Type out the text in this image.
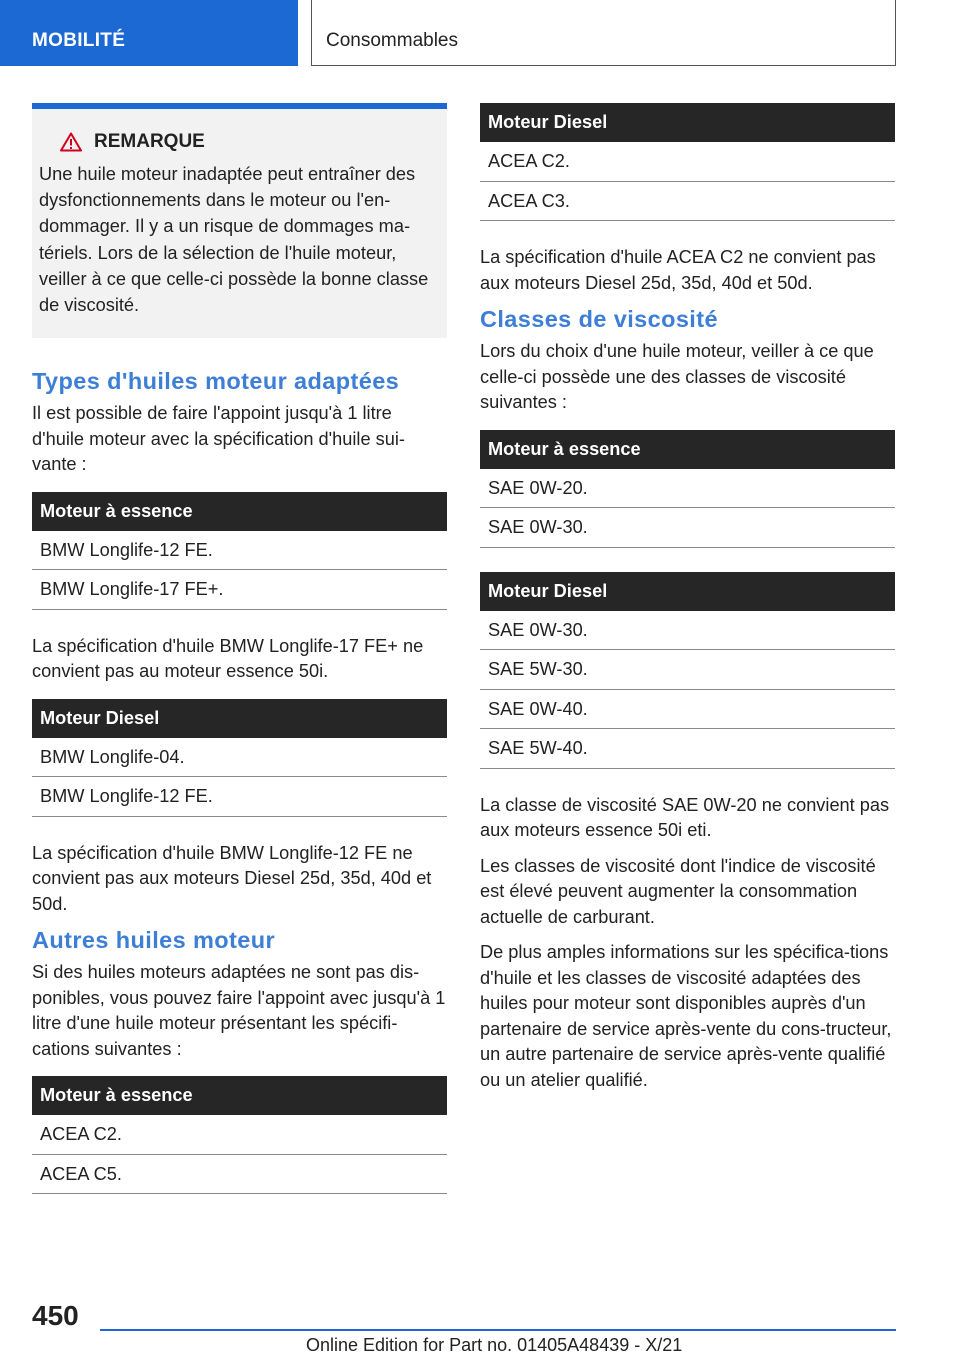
MOBILITÉ	Consommables
REMARQUE

Une huile moteur inadaptée peut entraîner des dysfonctionnements dans le moteur ou l'en‐dommager. Il y a un risque de dommages ma‐tériels. Lors de la sélection de l'huile moteur, veiller à ce que celle-ci possède la bonne classe de viscosité.

Types d'huiles moteur adaptées

Il est possible de faire l'appoint jusqu'à 1 litre d'huile moteur avec la spécification d'huile sui‐vante :

Moteur à essence
BMW Longlife-12 FE.
BMW Longlife-17 FE+.

La spécification d'huile BMW Longlife-17 FE+ ne convient pas au moteur essence 50i.

Moteur Diesel
BMW Longlife-04.
BMW Longlife-12 FE.

La spécification d'huile BMW Longlife-12 FE ne convient pas aux moteurs Diesel 25d, 35d, 40d et 50d.

Autres huiles moteur

Si des huiles moteurs adaptées ne sont pas dis‐ponibles, vous pouvez faire l'appoint avec jusqu'à 1 litre d'une huile moteur présentant les spécifi‐cations suivantes :

Moteur à essence
ACEA C2.
ACEA C5.
Moteur Diesel
ACEA C2.
ACEA C3.

La spécification d'huile ACEA C2 ne convient pas aux moteurs Diesel 25d, 35d, 40d et 50d.

Classes de viscosité

Lors du choix d'une huile moteur, veiller à ce que celle-ci possède une des classes de viscosité suivantes :

Moteur à essence
SAE 0W-20.
SAE 0W-30.
Moteur Diesel
SAE 0W-30.
SAE 5W-30.
SAE 0W-40.
SAE 5W-40.

La classe de viscosité SAE 0W-20 ne convient pas aux moteurs essence 50i eti.

Les classes de viscosité dont l'indice de viscosité est élevé peuvent augmenter la consommation actuelle de carburant.

De plus amples informations sur les spécifica‐tions d'huile et les classes de viscosité adaptées des huiles pour moteur sont disponibles auprès d'un partenaire de service après-vente du cons‐tructeur, un autre partenaire de service après-vente qualifié ou un atelier qualifié.

450
Online Edition for Part no. 01405A48439 - X/21
